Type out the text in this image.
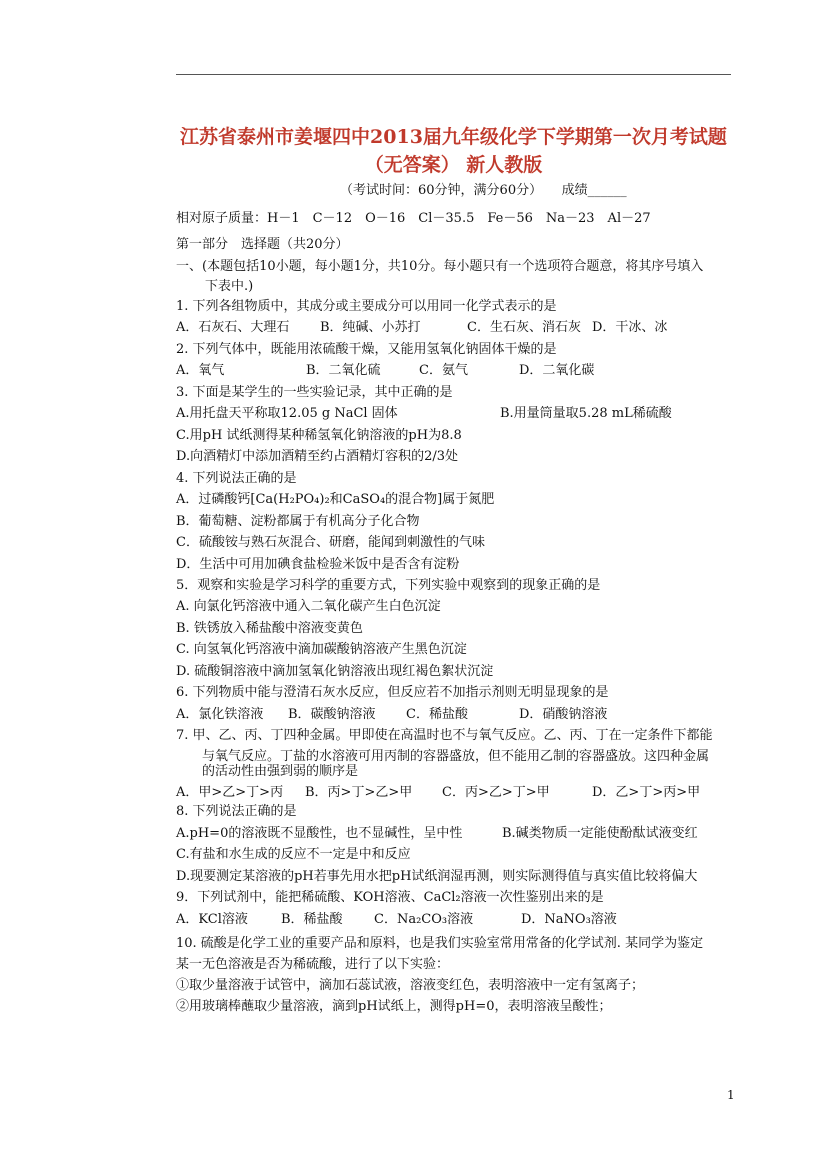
江苏省泰州市姜堰四中2013届九年级化学下学期第一次月考试题
（无答案） 新人教版
（考试时间：60分钟，满分60分）　　成绩______
相对原子质量：H－1　C－12　O－16　Cl－35.5　Fe－56　Na－23　Al－27
第一部分　选择题（共20分）
一、(本题包括10小题，每小题1分，共10分。每小题只有一个选项符合题意，将其序号填入
下表中.)
1. 下列各组物质中，其成分或主要成分可以用同一化学式表示的是
A．石灰石、大理石 B．纯碱、小苏打	C．生石灰、消石灰 D．干冰、冰
2. 下列气体中，既能用浓硫酸干燥，又能用氢氧化钠固体干燥的是
A．氧气	B．二氧化硫	C．氨气	D．二氧化碳
3. 下面是某学生的一些实验记录，其中正确的是
A.用托盘天平称取12.05 g NaCl 固体	B.用量筒量取5.28 mL稀硫酸
C.用pH 试纸测得某种稀氢氧化钠溶液的pH为8.8
D.向酒精灯中添加酒精至约占酒精灯容积的2/3处
4. 下列说法正确的是
A．过磷酸钙[Ca(H₂PO₄)₂和CaSO₄的混合物]属于氮肥
B．葡萄糖、淀粉都属于有机高分子化合物
C．硫酸铵与熟石灰混合、研磨，能闻到刺激性的气味
D．生活中可用加碘食盐检验米饭中是否含有淀粉
5．观察和实验是学习科学的重要方式，下列实验中观察到的现象正确的是
A. 向氯化钙溶液中通入二氧化碳产生白色沉淀
B. 铁锈放入稀盐酸中溶液变黄色
C. 向氢氧化钙溶液中滴加碳酸钠溶液产生黑色沉淀
D. 硫酸铜溶液中滴加氢氧化钠溶液出现红褐色絮状沉淀
6. 下列物质中能与澄清石灰水反应，但反应若不加指示剂则无明显现象的是
A．氯化铁溶液 B．碳酸钠溶液 C．稀盐酸	D．硝酸钠溶液
7. 甲、乙、丙、丁四种金属。甲即使在高温时也不与氧气反应。乙、丙、丁在一定条件下都能
与氧气反应。丁盐的水溶液可用丙制的容器盛放，但不能用乙制的容器盛放。这四种金属
的活动性由强到弱的顺序是
A．甲>乙>丁>丙 B．丙>丁>乙>甲 C．丙>乙>丁>甲	D．乙>丁>丙>甲
8. 下列说法正确的是
A.pH=0的溶液既不显酸性，也不显碱性，呈中性	B.碱类物质一定能使酚酞试液变红
C.有盐和水生成的反应不一定是中和反应
D.现要测定某溶液的pH若事先用水把pH试纸润湿再测，则实际测得值与真实值比较将偏大
9．下列试剂中，能把稀硫酸、KOH溶液、CaCl₂溶液一次性鉴别出来的是
A．KCl溶液	B．稀盐酸 C．Na₂CO₃溶液	D．NaNO₃溶液
10. 硫酸是化学工业的重要产品和原料，也是我们实验室常用常备的化学试剂. 某同学为鉴定
某一无色溶液是否为稀硫酸，进行了以下实验：
①取少量溶液于试管中，滴加石蕊试液，溶液变红色，表明溶液中一定有氢离子；
②用玻璃棒蘸取少量溶液，滴到pH试纸上，测得pH=0，表明溶液呈酸性；
1
